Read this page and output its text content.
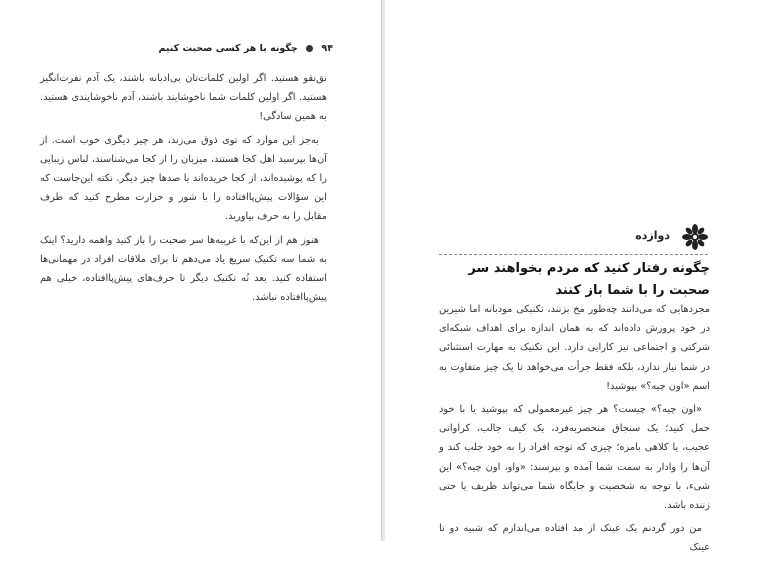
۹۴  چگونه با هر کسی صحبت کنیم

نق‌نقو هستید. اگر اولین کلمات‌تان بی‌ادبانه باشند، یک آدم نفرت‌انگیز هستید. اگر اولین کلمات شما ناخوشایند باشند، آدم ناخوشایندی هستید. به همین سادگی!

به‌جز این موارد که توی ذوق می‌زند، هر چیز دیگری خوب است. از آن‌ها بپرسید اهل کجا هستند، میزبان را از کجا می‌شناسند، لباس زیبایی را که پوشیده‌اند، از کجا خریده‌اند یا صدها چیز دیگر. نکته این‌جاست که این سؤالات پیش‌پاافتاده را با شور و حرارت مطرح کنید که طرف مقابل را به حرف بیاورید.

هنوز هم از این‌که با غریبه‌ها سر صحبت را باز کنید واهمه دارید؟ اینک به شما سه تکنیک سریع یاد می‌دهم تا برای ملاقات افراد در مهمانی‌ها استفاده کنید. بعد نُه تکنیک دیگر تا حرف‌های پیش‌پاافتاده، خیلی هم پیش‌پاافتاده نباشد.

دوازده
چگونه رفتار کنید که مردم بخواهند سر صحبت را با شما باز کنند

مجردهایی که می‌دانند چه‌طور مخ بزنند، تکنیکی مودبانه اما شیرین در خود پرورش داده‌اند که به همان اندازه برای اهداف شبکه‌ای شرکتی و اجتماعی نیز کارایی دارد. این تکنیک به مهارت استثنائی در شما نیاز ندارد، بلکه فقط جرأت می‌خواهد تا یک چیز متفاوت به اسم «اون چیه؟» بپوشید!

«اون چیه؟» چیست؟ هر چیز غیرمعمولی که بپوشید یا با خود حمل کنید؛ یک سنجاق منحصربه‌فرد، یک کیف جالب، کراواتی عجیب، یا کلاهی بامزه؛ چیزی که توجه افراد را به خود جلب کند و آن‌ها را وادار به سمت شما آمده و بپرسند: «واو، اون چیه؟» این شیء، با توجه به شخصیت و جایگاه شما می‌تواند ظریف یا حتی زننده باشد.

من دور گردنم یک عینک از مد افتاده می‌اندازم که شبیه دو تا عینک
